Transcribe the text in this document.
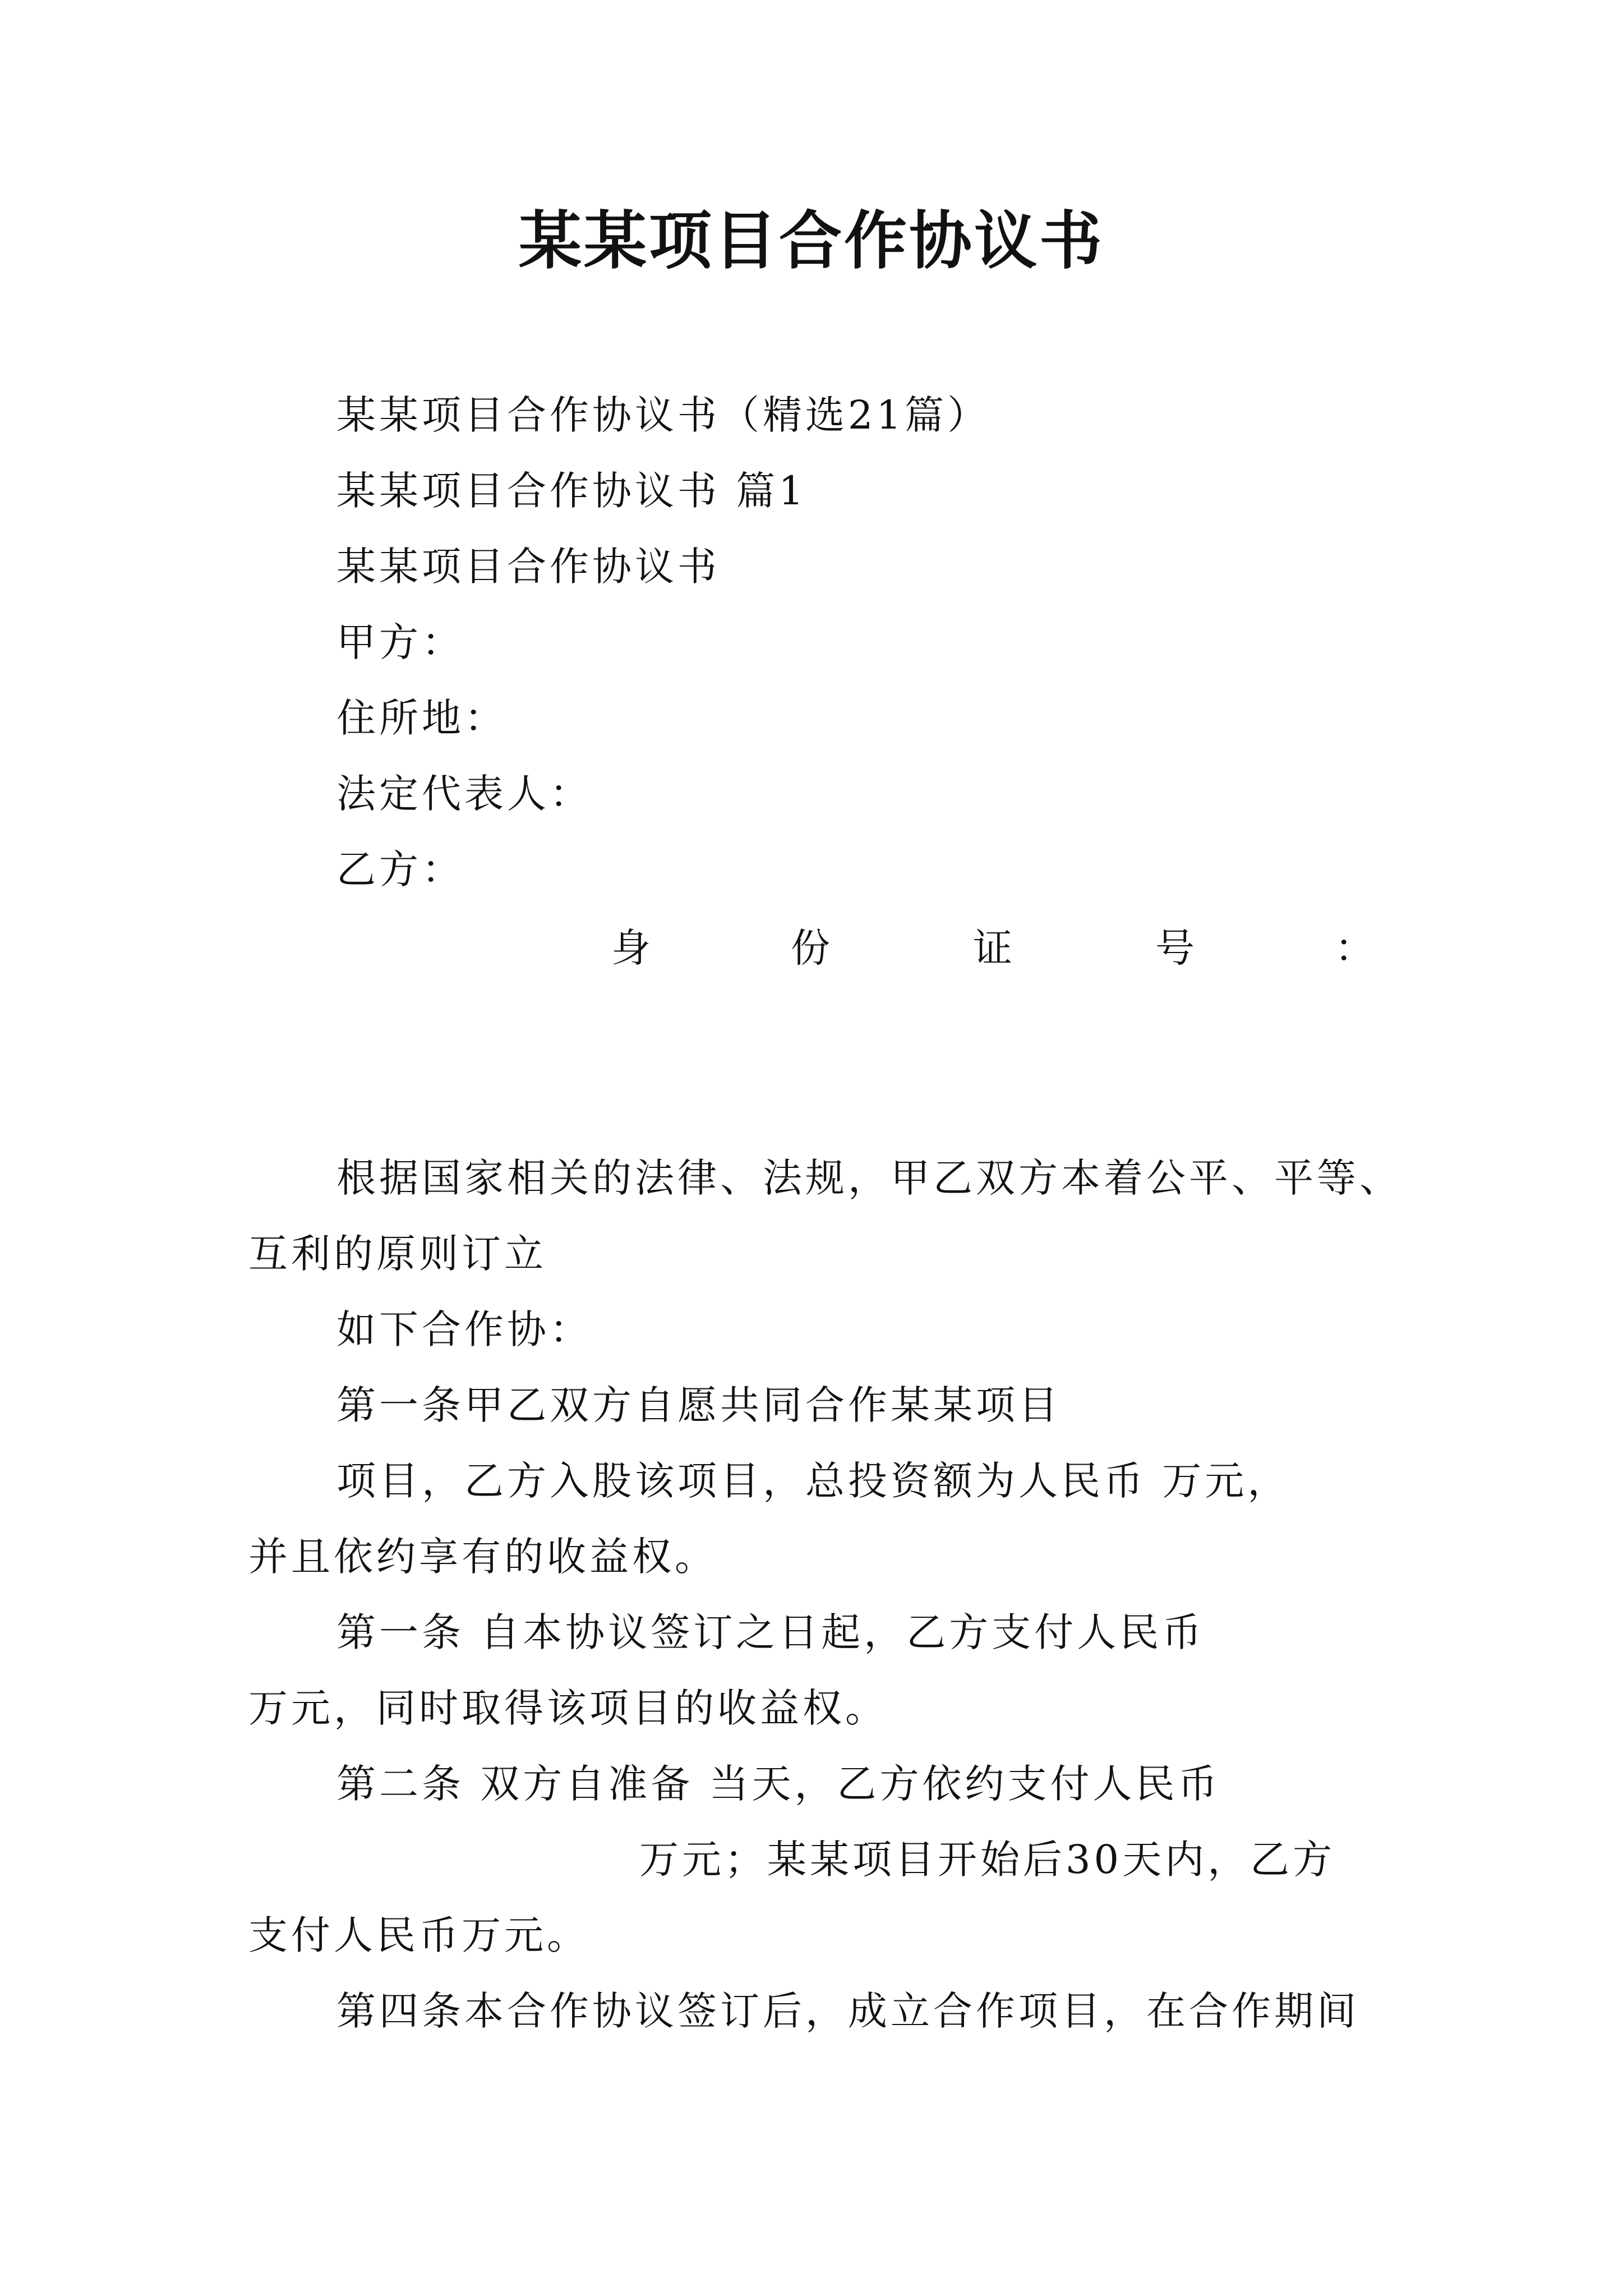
某某项目合作协议书
某某项目合作协议书（精选21篇）
某某项目合作协议书 篇1
某某项目合作协议书
甲方：
住所地：
法定代表人：
乙方：
身	份	证	号	：
根据国家相关的法律、法规，甲乙双方本着公平、平等、
互利的原则订立
如下合作协：
第一条甲乙双方自愿共同合作某某项目
项目，乙方入股该项目，总投资额为人民币 万元，
并且依约享有的收益权。
第一条 自本协议签订之日起，乙方支付人民币
万元，同时取得该项目的收益权。
第二条 双方自准备 当天，乙方依约支付人民币
万元；某某项目开始后30天内，乙方
支付人民币万元。
第四条本合作协议签订后，成立合作项目，在合作期间
